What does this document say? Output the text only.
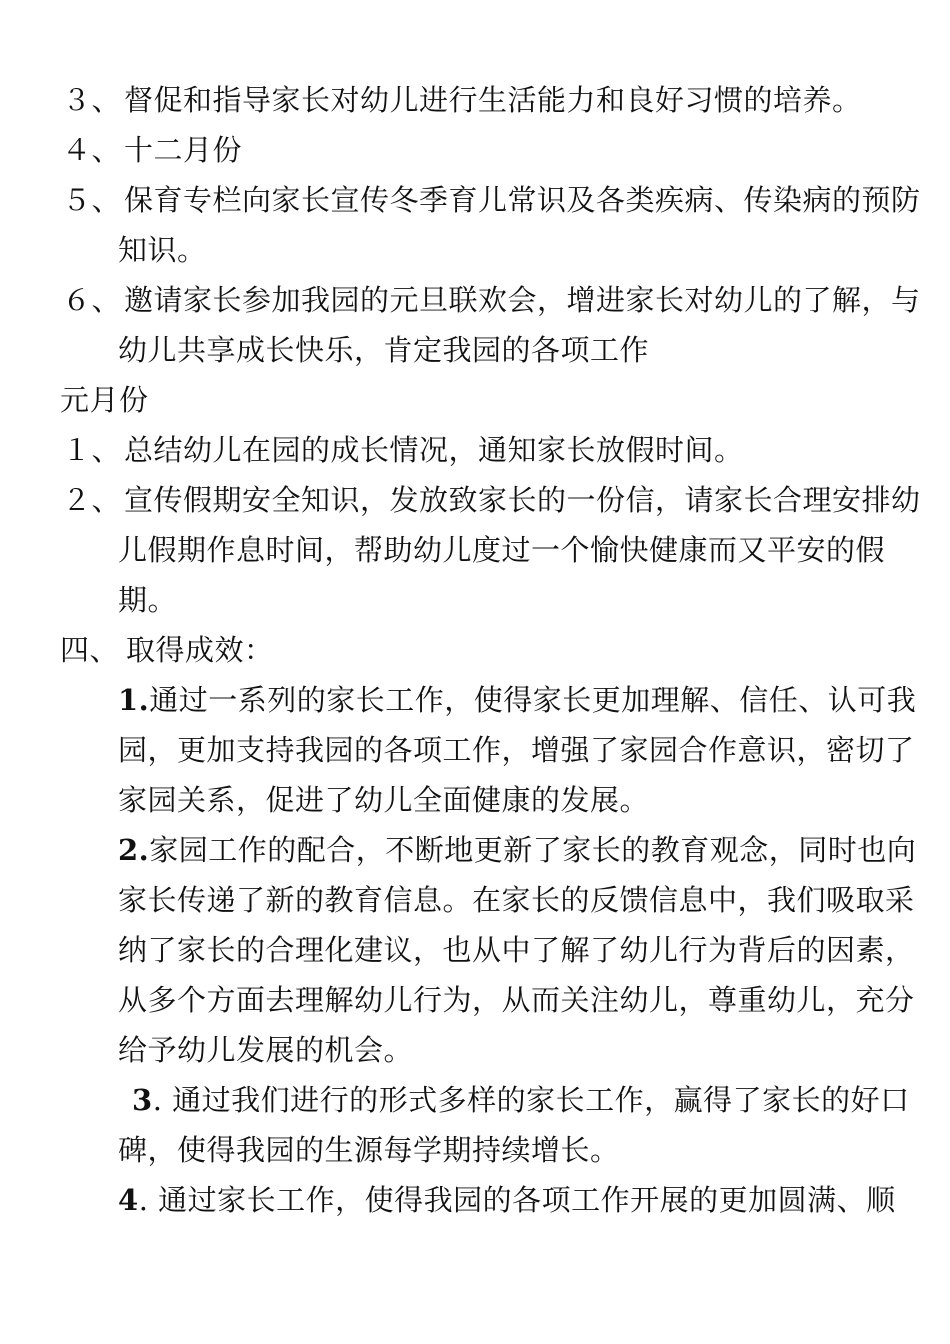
３、 督促和指导家长对幼儿进行生活能力和良好习惯的培养。
４、 十二月份
５、 保育专栏向家长宣传冬季育儿常识及各类疾病、传染病的预防
知识。
６、 邀请家长参加我园的元旦联欢会，增进家长对幼儿的了解，与
幼儿共享成长快乐，肯定我园的各项工作
元月份
１、 总结幼儿在园的成长情况，通知家长放假时间。
２、 宣传假期安全知识，发放致家长的一份信，请家长合理安排幼
儿假期作息时间，帮助幼儿度过一个愉快健康而又平安的假
期。
四、 取得成效：
1.通过一系列的家长工作，使得家长更加理解、信任、认可我
园，更加支持我园的各项工作，增强了家园合作意识，密切了
家园关系，促进了幼儿全面健康的发展。
2.家园工作的配合，不断地更新了家长的教育观念，同时也向
家长传递了新的教育信息。在家长的反馈信息中，我们吸取采
纳了家长的合理化建议，也从中了解了幼儿行为背后的因素，
从多个方面去理解幼儿行为，从而关注幼儿，尊重幼儿，充分
给予幼儿发展的机会。
3. 通过我们进行的形式多样的家长工作，赢得了家长的好口
碑，使得我园的生源每学期持续增长。
4. 通过家长工作，使得我园的各项工作开展的更加圆满、顺
